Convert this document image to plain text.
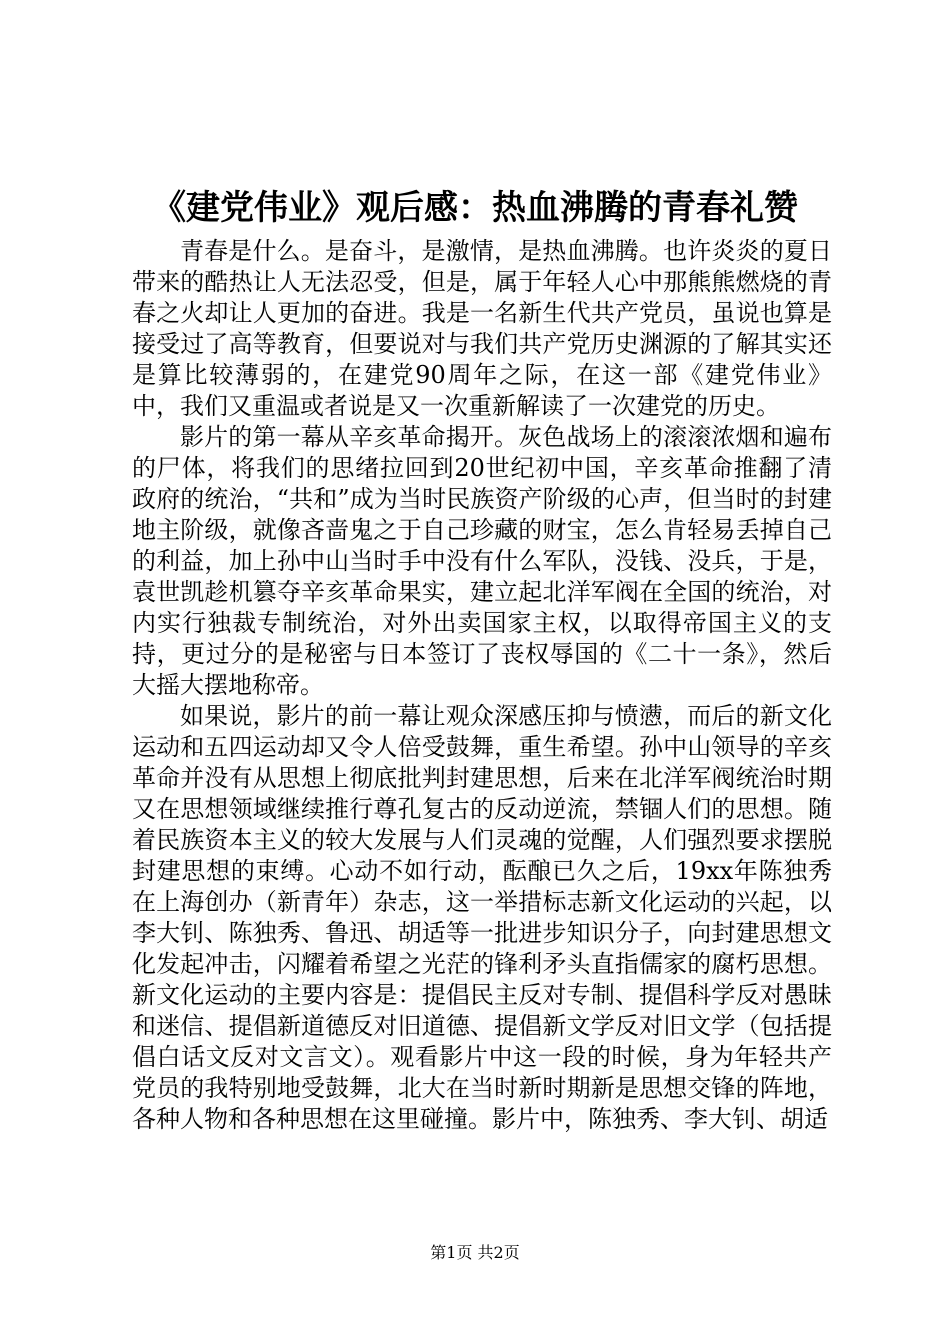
《建党伟业》观后感：热血沸腾的青春礼赞

青春是什么。是奋斗，是激情，是热血沸腾。也许炎炎的夏日带来的酷热让人无法忍受，但是，属于年轻人心中那熊熊燃烧的青春之火却让人更加的奋进。我是一名新生代共产党员，虽说也算是接受过了高等教育，但要说对与我们共产党历史渊源的了解其实还是算比较薄弱的，在建党90周年之际，在这一部《建党伟业》中，我们又重温或者说是又一次重新解读了一次建党的历史。

影片的第一幕从辛亥革命揭开。灰色战场上的滚滚浓烟和遍布的尸体，将我们的思绪拉回到20世纪初中国，辛亥革命推翻了清政府的统治，“共和”成为当时民族资产阶级的心声，但当时的封建地主阶级，就像吝啬鬼之于自己珍藏的财宝，怎么肯轻易丢掉自己的利益，加上孙中山当时手中没有什么军队，没钱、没兵，于是，袁世凯趁机篡夺辛亥革命果实，建立起北洋军阀在全国的统治，对内实行独裁专制统治，对外出卖国家主权，以取得帝国主义的支持，更过分的是秘密与日本签订了丧权辱国的《二十一条》，然后大摇大摆地称帝。

如果说，影片的前一幕让观众深感压抑与愤懑，而后的新文化运动和五四运动却又令人倍受鼓舞，重生希望。孙中山领导的辛亥革命并没有从思想上彻底批判封建思想，后来在北洋军阀统治时期又在思想领域继续推行尊孔复古的反动逆流，禁锢人们的思想。随着民族资本主义的较大发展与人们灵魂的觉醒，人们强烈要求摆脱封建思想的束缚。心动不如行动，酝酿已久之后，19xx年陈独秀在上海创办（新青年）杂志，这一举措标志新文化运动的兴起，以李大钊、陈独秀、鲁迅、胡适等一批进步知识分子，向封建思想文化发起冲击，闪耀着希望之光茫的锋利矛头直指儒家的腐朽思想。新文化运动的主要内容是：提倡民主反对专制、提倡科学反对愚昧和迷信、提倡新道德反对旧道德、提倡新文学反对旧文学（包括提倡白话文反对文言文）。观看影片中这一段的时候，身为年轻共产党员的我特别地受鼓舞，北大在当时新时期新是思想交锋的阵地，各种人物和各种思想在这里碰撞。影片中，陈独秀、李大钊、胡适

第1页 共2页
